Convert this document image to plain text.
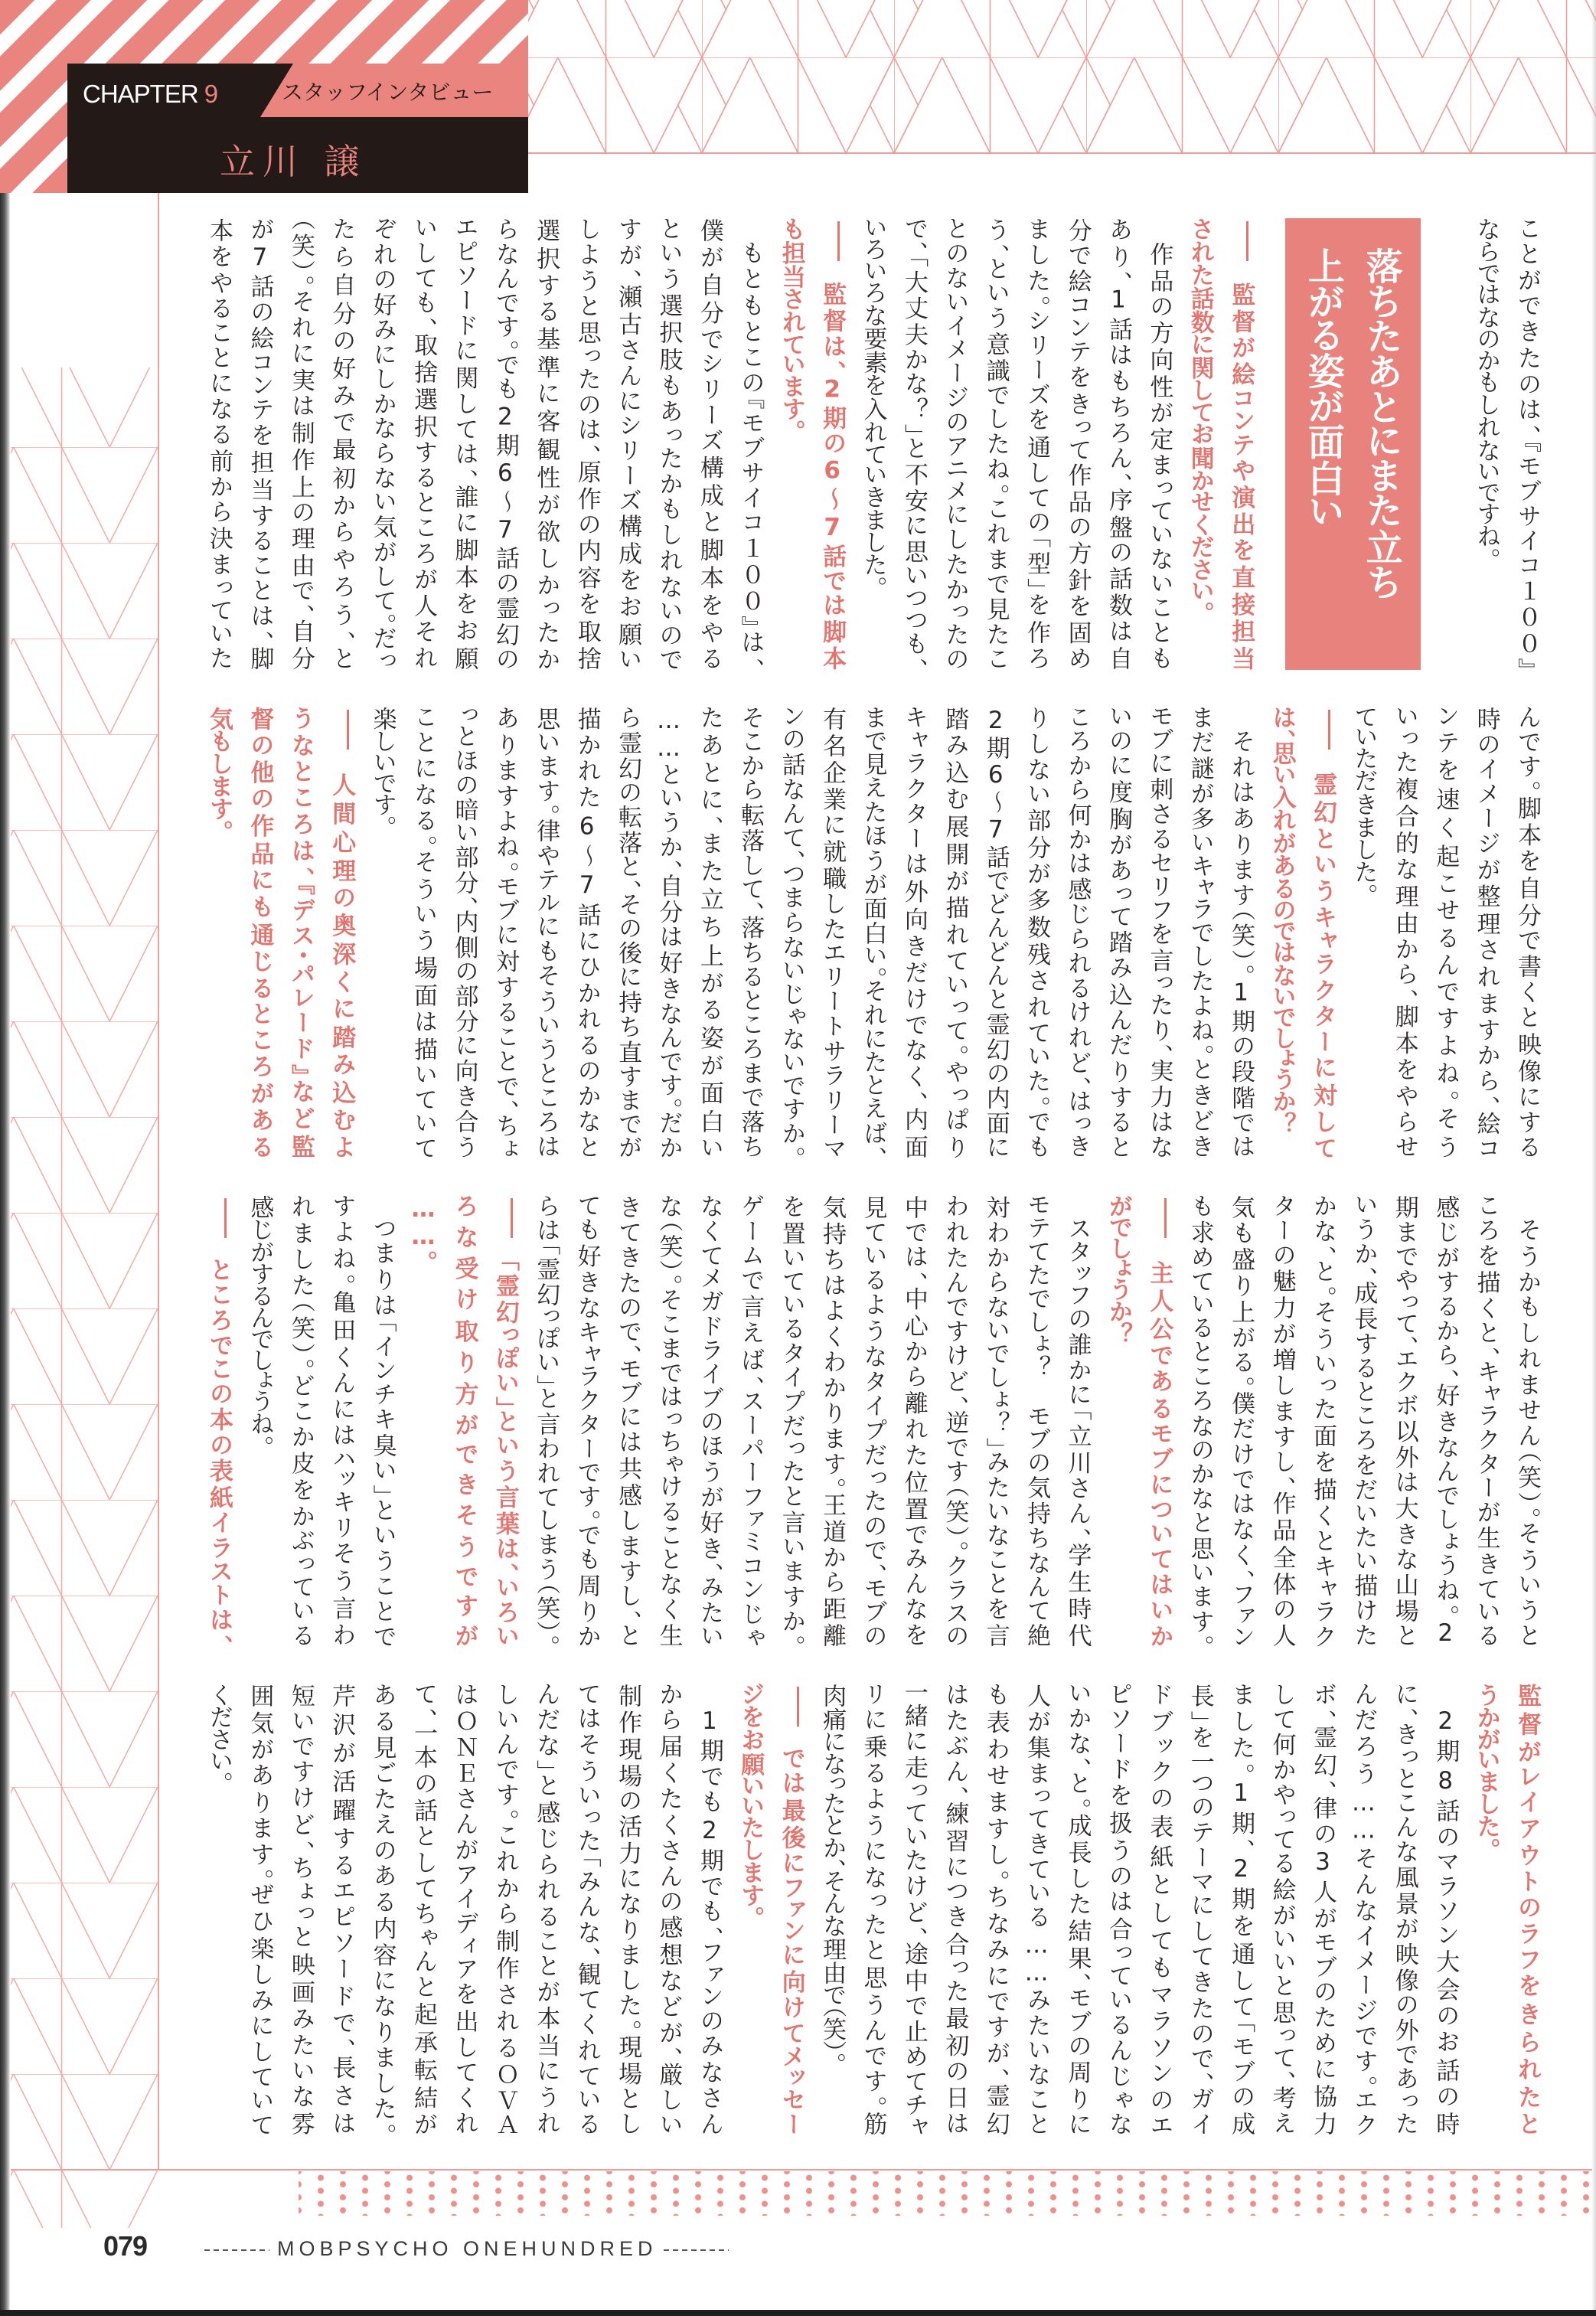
CHAPTER 9	スタッフインタビュー
立川 譲
ことができたのは、『モブサイコ１００』
ならではなのかもしれないですね。
落ちたあとにまた立ち
上がる姿が面白い
監督が絵コンテや演出を直接担当
された話数に関してお聞かせください。
作品の方向性が定まっていないことも
あり、1話はもちろん、序盤の話数は自
分で絵コンテをきって作品の方針を固め
ました。シリーズを通しての「型」を作ろ
う、という意識でしたね。これまで見たこ
とのないイメージのアニメにしたかったの
で、「大丈夫かな？」と不安に思いつつも、
いろいろな要素を入れていきました。
監督は、2期の6〜7話では脚本
も担当されています。
もともとこの『モブサイコ１００』は、
僕が自分でシリーズ構成と脚本をやる
という選択肢もあったかもしれないので
すが、瀬古さんにシリーズ構成をお願い
しようと思ったのは、原作の内容を取捨
選択する基準に客観性が欲しかったか
らなんです。でも2期6〜7話の霊幻の
エピソードに関しては、誰に脚本をお願
いしても、取捨選択するところが人それ
ぞれの好みにしかならない気がして。だっ
たら自分の好みで最初からやろう、と
（笑）。それに実は制作上の理由で、自分
が7話の絵コンテを担当することは、脚
本をやることになる前から決まっていた
んです。脚本を自分で書くと映像にする
時のイメージが整理されますから、絵コ
ンテを速く起こせるんですよね。そう
いった複合的な理由から、脚本をやらせ
ていただきました。
霊幻というキャラクターに対して
は、思い入れがあるのではないでしょうか？
それはあります（笑）。1期の段階では
まだ謎が多いキャラでしたよね。ときどき
モブに刺さるセリフを言ったり、実力はな
いのに度胸があって踏み込んだりすると
ころから何かは感じられるけれど、はっき
りしない部分が多数残されていた。でも
2期6〜7話でどんどんと霊幻の内面に
踏み込む展開が描れていって。やっぱり
キャラクターは外向きだけでなく、内面
まで見えたほうが面白い。それにたとえば、
有名企業に就職したエリートサラリーマ
ンの話なんて、つまらないじゃないですか。
そこから転落して、落ちるところまで落ち
たあとに、また立ち上がる姿が面白い
……というか、自分は好きなんです。だか
ら霊幻の転落と、その後に持ち直すまでが
描かれた6〜7話にひかれるのかなと
思います。律やテルにもそういうところは
ありますよね。モブに対することで、ちょ
っとほの暗い部分、内側の部分に向き合う
ことになる。そういう場面は描いていて
楽しいです。
人間心理の奥深くに踏み込むよ
うなところは、『デス・パレード』など監
督の他の作品にも通じるところがある
気もします。
そうかもしれません（笑）。そういうと
ころを描くと、キャラクターが生きている
感じがするから、好きなんでしょうね。2
期までやって、エクボ以外は大きな山場と
いうか、成長するところをだいたい描けた
かな、と。そういった面を描くとキャラク
ターの魅力が増しますし、作品全体の人
気も盛り上がる。僕だけではなく、ファン
も求めているところなのかなと思います。
主人公であるモブについてはいか
がでしょうか？
スタッフの誰かに「立川さん、学生時代
モテてたでしょ？　モブの気持ちなんて絶
対わからないでしょ？」みたいなことを言
われたんですけど、逆です（笑）。クラスの
中では、中心から離れた位置でみんなを
見ているようなタイプだったので、モブの
気持ちはよくわかります。王道から距離
を置いているタイプだったと言いますか。
ゲームで言えば、スーパーファミコンじゃ
なくてメガドライブのほうが好き、みたい
な（笑）。そこまではっちゃけることなく生
きてきたので、モブには共感しますし、と
ても好きなキャラクターです。でも周りか
らは「霊幻っぽい」と言われてしまう（笑）。
「霊幻っぽい」という言葉は、いろい
ろな受け取り方ができそうですが
……。
つまりは「インチキ臭い」ということで
すよね。亀田くんにはハッキリそう言わ
れました（笑）。どこか皮をかぶっている
感じがするんでしょうね。
ところでこの本の表紙イラストは、
監督がレイアウトのラフをきられたと
うかがいました。
2期8話のマラソン大会のお話の時
に、きっとこんな風景が映像の外であった
んだろう……そんなイメージです。エク
ボ、霊幻、律の3人がモブのために協力
して何かやってる絵がいいと思って、考え
ました。1期、2期を通して「モブの成
長」を一つのテーマにしてきたので、ガイ
ドブックの表紙としてもマラソンのエ
ピソードを扱うのは合っているんじゃな
いかな、と。成長した結果、モブの周りに
人が集まってきている……みたいなこと
も表わせますし。ちなみにですが、霊幻
はたぶん、練習につき合った最初の日は
一緒に走っていたけど、途中で止めてチャ
リに乗るようになったと思うんです。筋
肉痛になったとか、そんな理由で（笑）。
では最後にファンに向けてメッセー
ジをお願いいたします。
1期でも2期でも、ファンのみなさん
から届くたくさんの感想などが、厳しい
制作現場の活力になりました。現場とし
てはそういった「みんな、観てくれている
んだな」と感じられることが本当にうれ
しいんです。これから制作されるＯＶＡ
はＯＮＥさんがアイディアを出してくれ
て、一本の話としてちゃんと起承転結が
ある見ごたえのある内容になりました。
芹沢が活躍するエピソードで、長さは
短いですけど、ちょっと映画みたいな雰
囲気があります。ぜひ楽しみにしていて
ください。
079	MOBPSYCHO ONEHUNDRED
